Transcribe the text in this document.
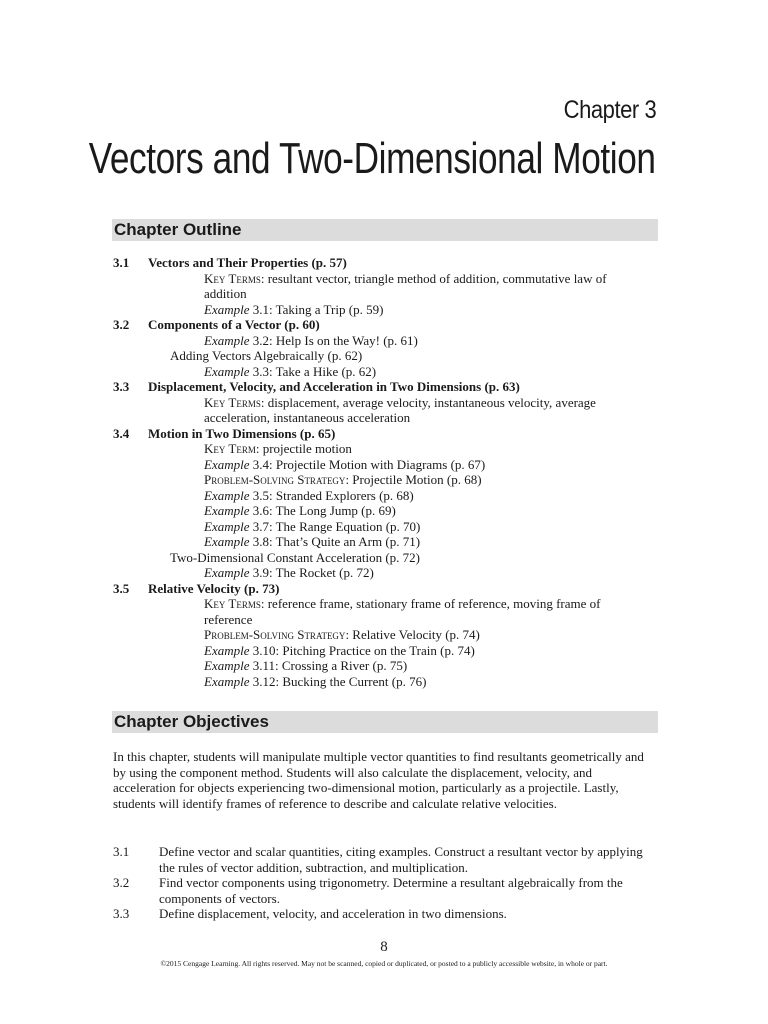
Chapter 3
Vectors and Two-Dimensional Motion
Chapter Outline
3.1 Vectors and Their Properties (p. 57)
Key Terms: resultant vector, triangle method of addition, commutative law of addition
Example 3.1: Taking a Trip (p. 59)
3.2 Components of a Vector (p. 60)
Example 3.2: Help Is on the Way! (p. 61)
Adding Vectors Algebraically (p. 62)
Example 3.3: Take a Hike (p. 62)
3.3 Displacement, Velocity, and Acceleration in Two Dimensions (p. 63)
Key Terms: displacement, average velocity, instantaneous velocity, average acceleration, instantaneous acceleration
3.4 Motion in Two Dimensions (p. 65)
Key Term: projectile motion
Example 3.4: Projectile Motion with Diagrams (p. 67)
Problem-Solving Strategy: Projectile Motion (p. 68)
Example 3.5: Stranded Explorers (p. 68)
Example 3.6: The Long Jump (p. 69)
Example 3.7: The Range Equation (p. 70)
Example 3.8: That’s Quite an Arm (p. 71)
Two-Dimensional Constant Acceleration (p. 72)
Example 3.9: The Rocket (p. 72)
3.5 Relative Velocity (p. 73)
Key Terms: reference frame, stationary frame of reference, moving frame of reference
Problem-Solving Strategy: Relative Velocity (p. 74)
Example 3.10: Pitching Practice on the Train (p. 74)
Example 3.11: Crossing a River (p. 75)
Example 3.12: Bucking the Current (p. 76)
Chapter Objectives
In this chapter, students will manipulate multiple vector quantities to find resultants geometrically and by using the component method. Students will also calculate the displacement, velocity, and acceleration for objects experiencing two-dimensional motion, particularly as a projectile. Lastly, students will identify frames of reference to describe and calculate relative velocities.
3.1 Define vector and scalar quantities, citing examples. Construct a resultant vector by applying the rules of vector addition, subtraction, and multiplication.
3.2 Find vector components using trigonometry. Determine a resultant algebraically from the components of vectors.
3.3 Define displacement, velocity, and acceleration in two dimensions.
8
©2015 Cengage Learning. All rights reserved. May not be scanned, copied or duplicated, or posted to a publicly accessible website, in whole or part.
